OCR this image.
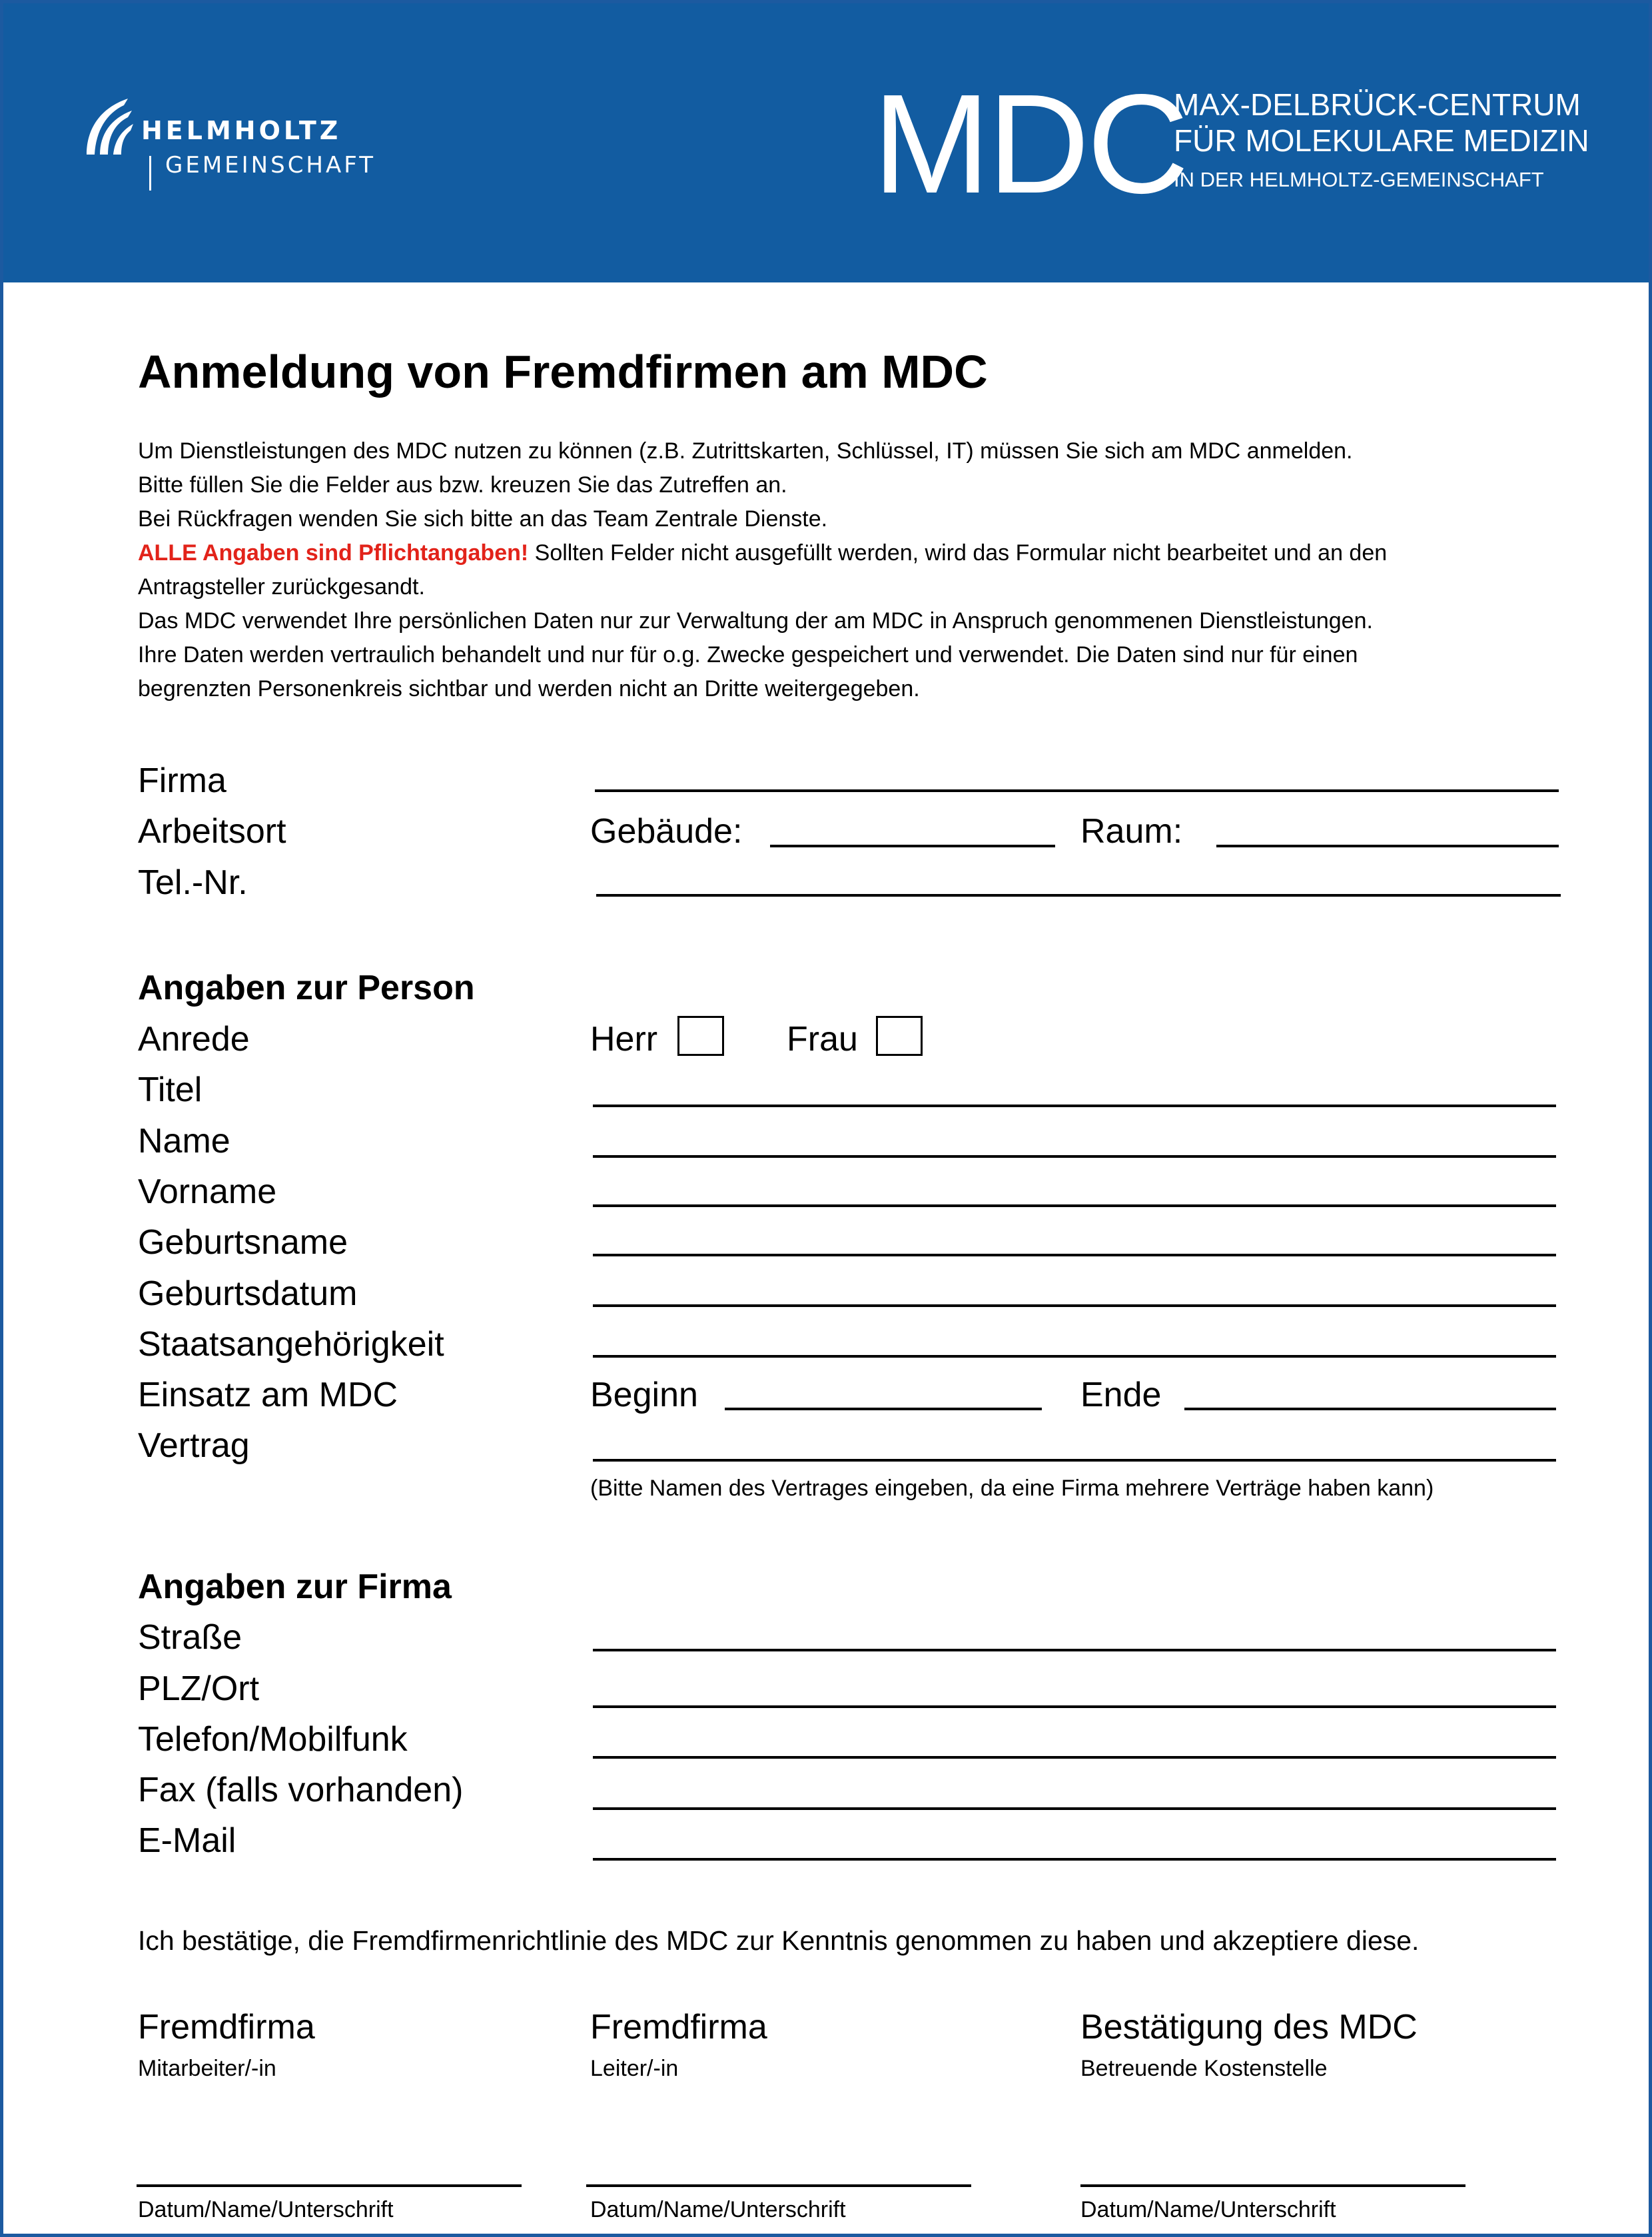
HELMHOLTZ
GEMEINSCHAFT	MDC
MAX-DELBRÜCK-CENTRUM
FÜR MOLEKULARE MEDIZIN
IN DER HELMHOLTZ-GEMEINSCHAFT
Anmeldung von Fremdfirmen am MDC
Um Dienstleistungen des MDC nutzen zu können (z.B. Zutrittskarten, Schlüssel, IT) müssen Sie sich am MDC anmelden.
Bitte füllen Sie die Felder aus bzw. kreuzen Sie das Zutreffen an.
Bei Rückfragen wenden Sie sich bitte an das Team Zentrale Dienste.
ALLE Angaben sind Pflichtangaben! Sollten Felder nicht ausgefüllt werden, wird das Formular nicht bearbeitet und an den
Antragsteller zurückgesandt.
Das MDC verwendet Ihre persönlichen Daten nur zur Verwaltung der am MDC in Anspruch genommenen Dienstleistungen.
Ihre Daten werden vertraulich behandelt und nur für o.g. Zwecke gespeichert und verwendet. Die Daten sind nur für einen
begrenzten Personenkreis sichtbar und werden nicht an Dritte weitergegeben.
Firma
Arbeitsort	Gebäude:	Raum:
Tel.-Nr.
Angaben zur Person
Anrede	Herr	Frau
Titel
Name
Vorname
Geburtsname
Geburtsdatum
Staatsangehörigkeit
Einsatz am MDC	Beginn	Ende
Vertrag
(Bitte Namen des Vertrages eingeben, da eine Firma mehrere Verträge haben kann)
Angaben zur Firma
Straße
PLZ/Ort
Telefon/Mobilfunk
Fax (falls vorhanden)
E-Mail
Ich bestätige, die Fremdfirmenrichtlinie des MDC zur Kenntnis genommen zu haben und akzeptiere diese.
Fremdfirma
Mitarbeiter/-in
Datum/Name/Unterschrift
Fremdfirma
Leiter/-in
Datum/Name/Unterschrift
Bestätigung des MDC
Betreuende Kostenstelle
Datum/Name/Unterschrift
